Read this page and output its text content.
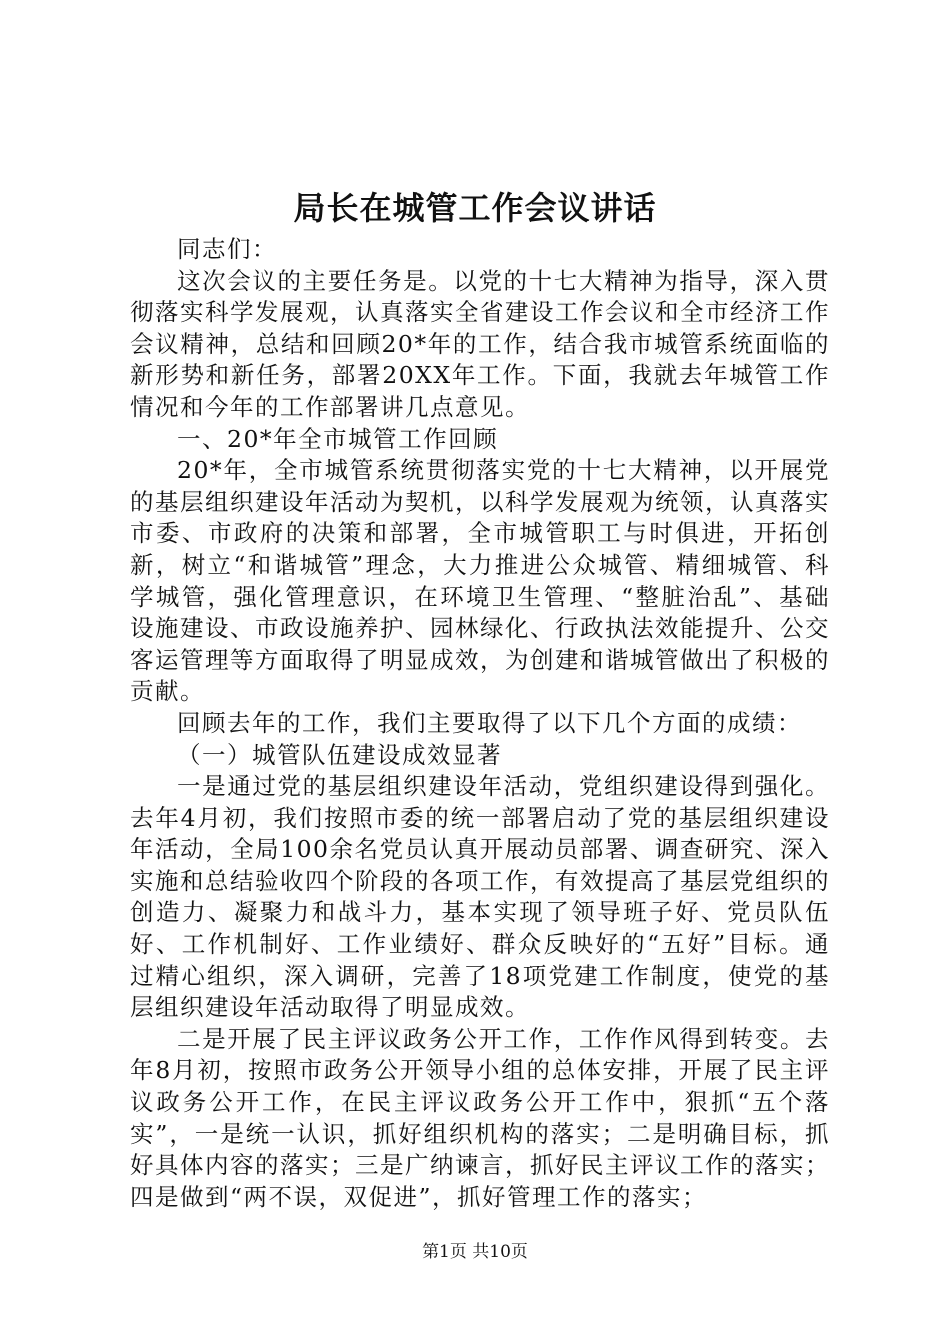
局长在城管工作会议讲话

同志们：

这次会议的主要任务是。以党的十七大精神为指导，深入贯彻落实科学发展观，认真落实全省建设工作会议和全市经济工作会议精神，总结和回顾20*年的工作，结合我市城管系统面临的新形势和新任务，部署20XX年工作。下面，我就去年城管工作情况和今年的工作部署讲几点意见。

一、20*年全市城管工作回顾

20*年，全市城管系统贯彻落实党的十七大精神，以开展党的基层组织建设年活动为契机，以科学发展观为统领，认真落实市委、市政府的决策和部署，全市城管职工与时俱进，开拓创新，树立“和谐城管”理念，大力推进公众城管、精细城管、科学城管，强化管理意识，在环境卫生管理、“整脏治乱”、基础设施建设、市政设施养护、园林绿化、行政执法效能提升、公交客运管理等方面取得了明显成效，为创建和谐城管做出了积极的贡献。

回顾去年的工作，我们主要取得了以下几个方面的成绩：

（一）城管队伍建设成效显著

一是通过党的基层组织建设年活动，党组织建设得到强化。去年4月初，我们按照市委的统一部署启动了党的基层组织建设年活动，全局100余名党员认真开展动员部署、调查研究、深入实施和总结验收四个阶段的各项工作，有效提高了基层党组织的创造力、凝聚力和战斗力，基本实现了领导班子好、党员队伍好、工作机制好、工作业绩好、群众反映好的“五好”目标。通过精心组织，深入调研，完善了18项党建工作制度，使党的基层组织建设年活动取得了明显成效。

二是开展了民主评议政务公开工作，工作作风得到转变。去年8月初，按照市政务公开领导小组的总体安排，开展了民主评议政务公开工作，在民主评议政务公开工作中，狠抓“五个落实”，一是统一认识，抓好组织机构的落实；二是明确目标，抓好具体内容的落实；三是广纳谏言，抓好民主评议工作的落实；四是做到“两不误，双促进”，抓好管理工作的落实；

第1页 共10页
